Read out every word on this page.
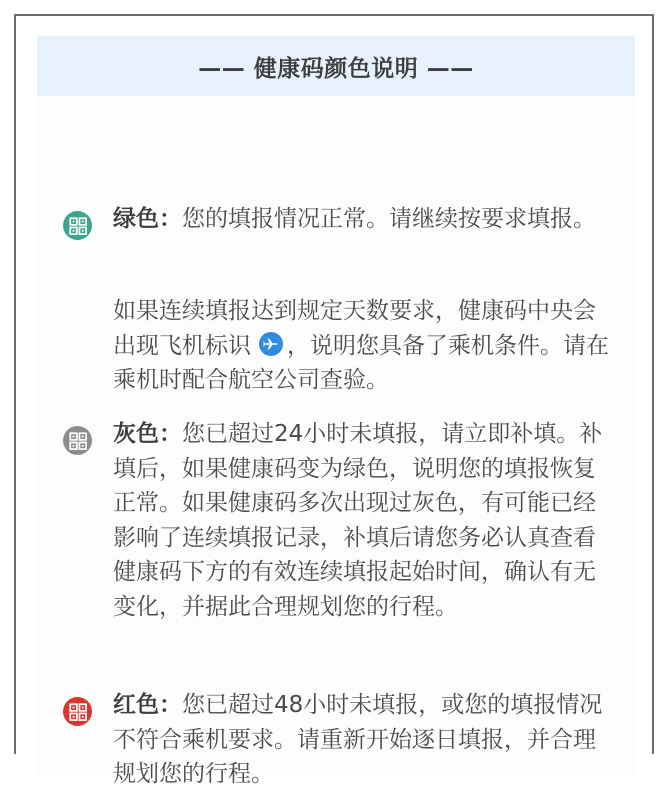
—— 健康码颜色说明 ——

绿色：您的填报情况正常。请继续按要求填报。

如果连续填报达到规定天数要求，健康码中央会出现飞机标识 ，说明您具备了乘机条件。请在乘机时配合航空公司查验。

灰色：您已超过24小时未填报，请立即补填。补填后，如果健康码变为绿色，说明您的填报恢复正常。如果健康码多次出现过灰色，有可能已经影响了连续填报记录，补填后请您务必认真查看健康码下方的有效连续填报起始时间，确认有无变化，并据此合理规划您的行程。

红色：您已超过48小时未填报，或您的填报情况不符合乘机要求。请重新开始逐日填报，并合理规划您的行程。
